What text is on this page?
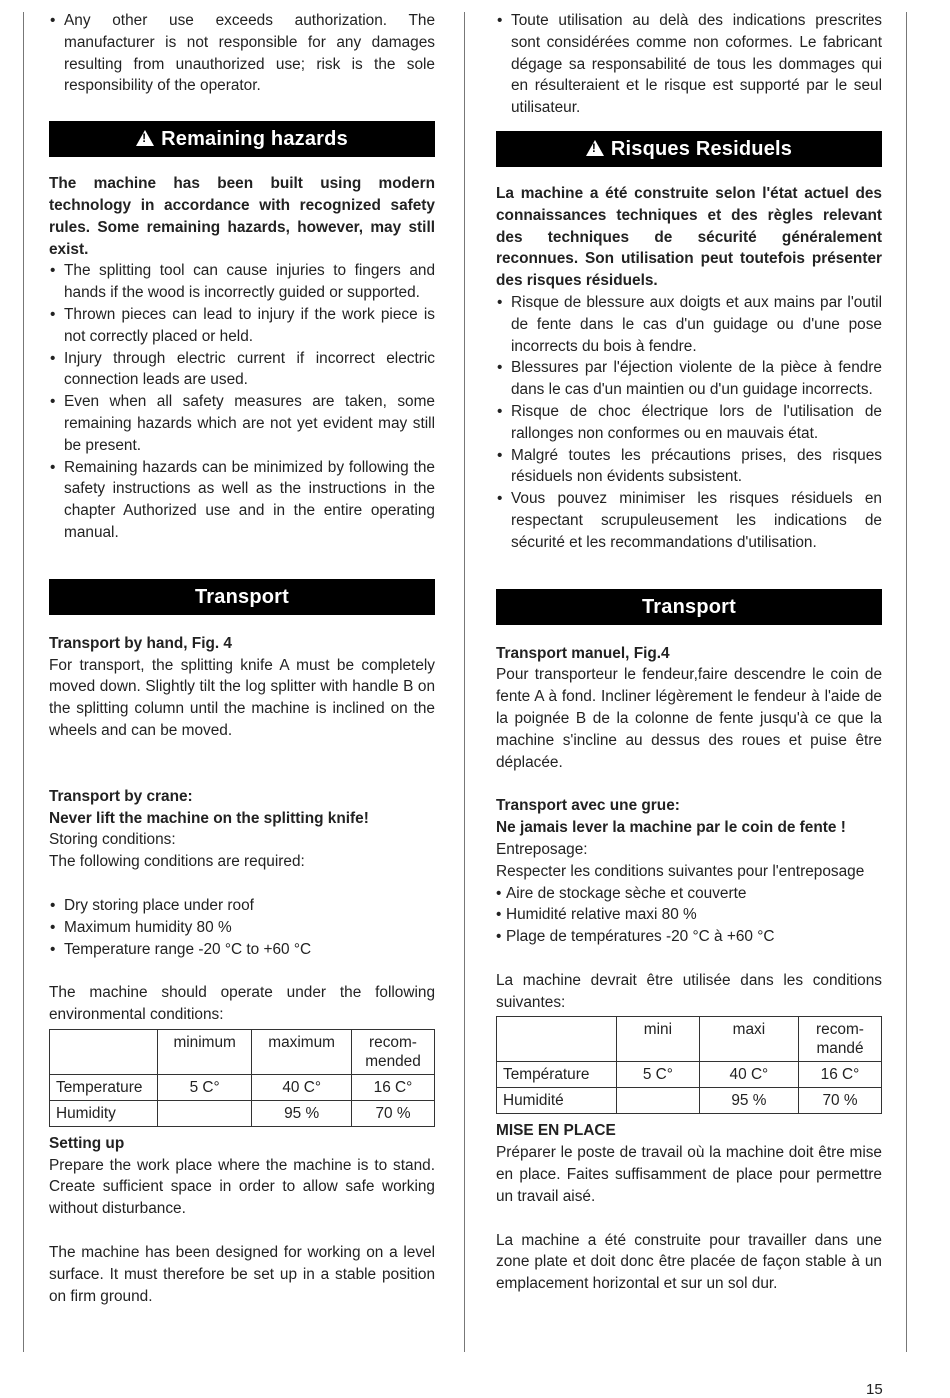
• Any other use exceeds authorization. The manufacturer is not responsible for any damages resulting from unauthorized use; risk is the sole responsibility of the operator.
!Remaining hazards

The machine has been built using modern technology in accordance with recognized safety rules. Some remaining hazards, however, may still exist.

• The splitting tool can cause injuries to fingers and hands if the wood is incorrectly guided or supported.
• Thrown pieces can lead to injury if the work piece is not correctly placed or held.
• Injury through electric current if incorrect electric connection leads are used.
• Even when all safety measures are taken, some remaining hazards which are not yet evident may still be present.
• Remaining hazards can be minimized by following the safety instructions as well as the instructions in the chapter Authorized use and in the entire operating manual.
Transport

Transport by hand, Fig. 4

For transport, the splitting knife A must be completely moved down. Slightly tilt the log splitter with handle B on the splitting column until the machine is inclined on the wheels and can be moved.

Transport by crane:

Never lift the machine on the splitting knife!

Storing conditions:

The following conditions are required:

• Dry storing place under roof
• Maximum humidity 80 %
• Temperature range -20 °C to +60 °C

The machine should operate under the following environmental conditions:

	minimum	maximum	recom-mended
Temperature	5 C°	40 C°	16 C°
Humidity		95 %	70 %

Setting up

Prepare the work place where the machine is to stand. Create sufficient space in order to allow safe working without disturbance.

The machine has been designed for working on a level surface. It must therefore be set up in a stable position on firm ground.

• Toute utilisation au delà des indications prescrites sont considérées comme non coformes. Le fabricant dégage sa responsabilité de tous les dommages qui en résulteraient et le risque est supporté par le seul utilisateur.
!Risques Residuels

La machine a été construite selon l'état actuel des connaissances techniques et des règles relevant des techniques de sécurité généralement reconnues. Son utilisation peut toutefois présenter des risques résiduels.

• Risque de blessure aux doigts et aux mains par l'outil de fente dans le cas d'un guidage ou d'une pose incorrects du bois à fendre.
• Blessures par l'éjection violente de la pièce à fendre dans le cas d'un maintien ou d'un guidage incorrects.
• Risque de choc électrique lors de l'utilisation de rallonges non conformes ou en mauvais état.
• Malgré toutes les précautions prises, des risques résiduels non évidents subsistent.
• Vous pouvez minimiser les risques résiduels en respectant scrupuleusement les indications de sécurité et les recommandations d'utilisation.
Transport

Transport manuel, Fig.4

Pour transporteur le fendeur,faire descendre le coin de fente A à fond. Incliner légèrement le fendeur à l'aide de la poignée B de la colonne de fente jusqu'à ce que la machine s'incline au dessus des roues et puise être déplacée.

Transport avec une grue:

Ne jamais lever la machine par le coin de fente !

Entreposage:

Respecter les conditions suivantes pour l'entreposage

• Aire de stockage sèche et couverte
• Humidité relative maxi 80 %
• Plage de températures -20 °C à +60 °C

La machine devrait être utilisée dans les conditions suivantes:

	mini	maxi	recom-mandé
Température	5 C°	40 C°	16 C°
Humidité		95 %	70 %

MISE EN PLACE

Préparer le poste de travail où la machine doit être mise en place. Faites suffisamment de place pour permettre un travail aisé.

La machine a été construite pour travailler dans une zone plate et doit donc être placée de façon stable à un emplacement horizontal et sur un sol dur.

15
